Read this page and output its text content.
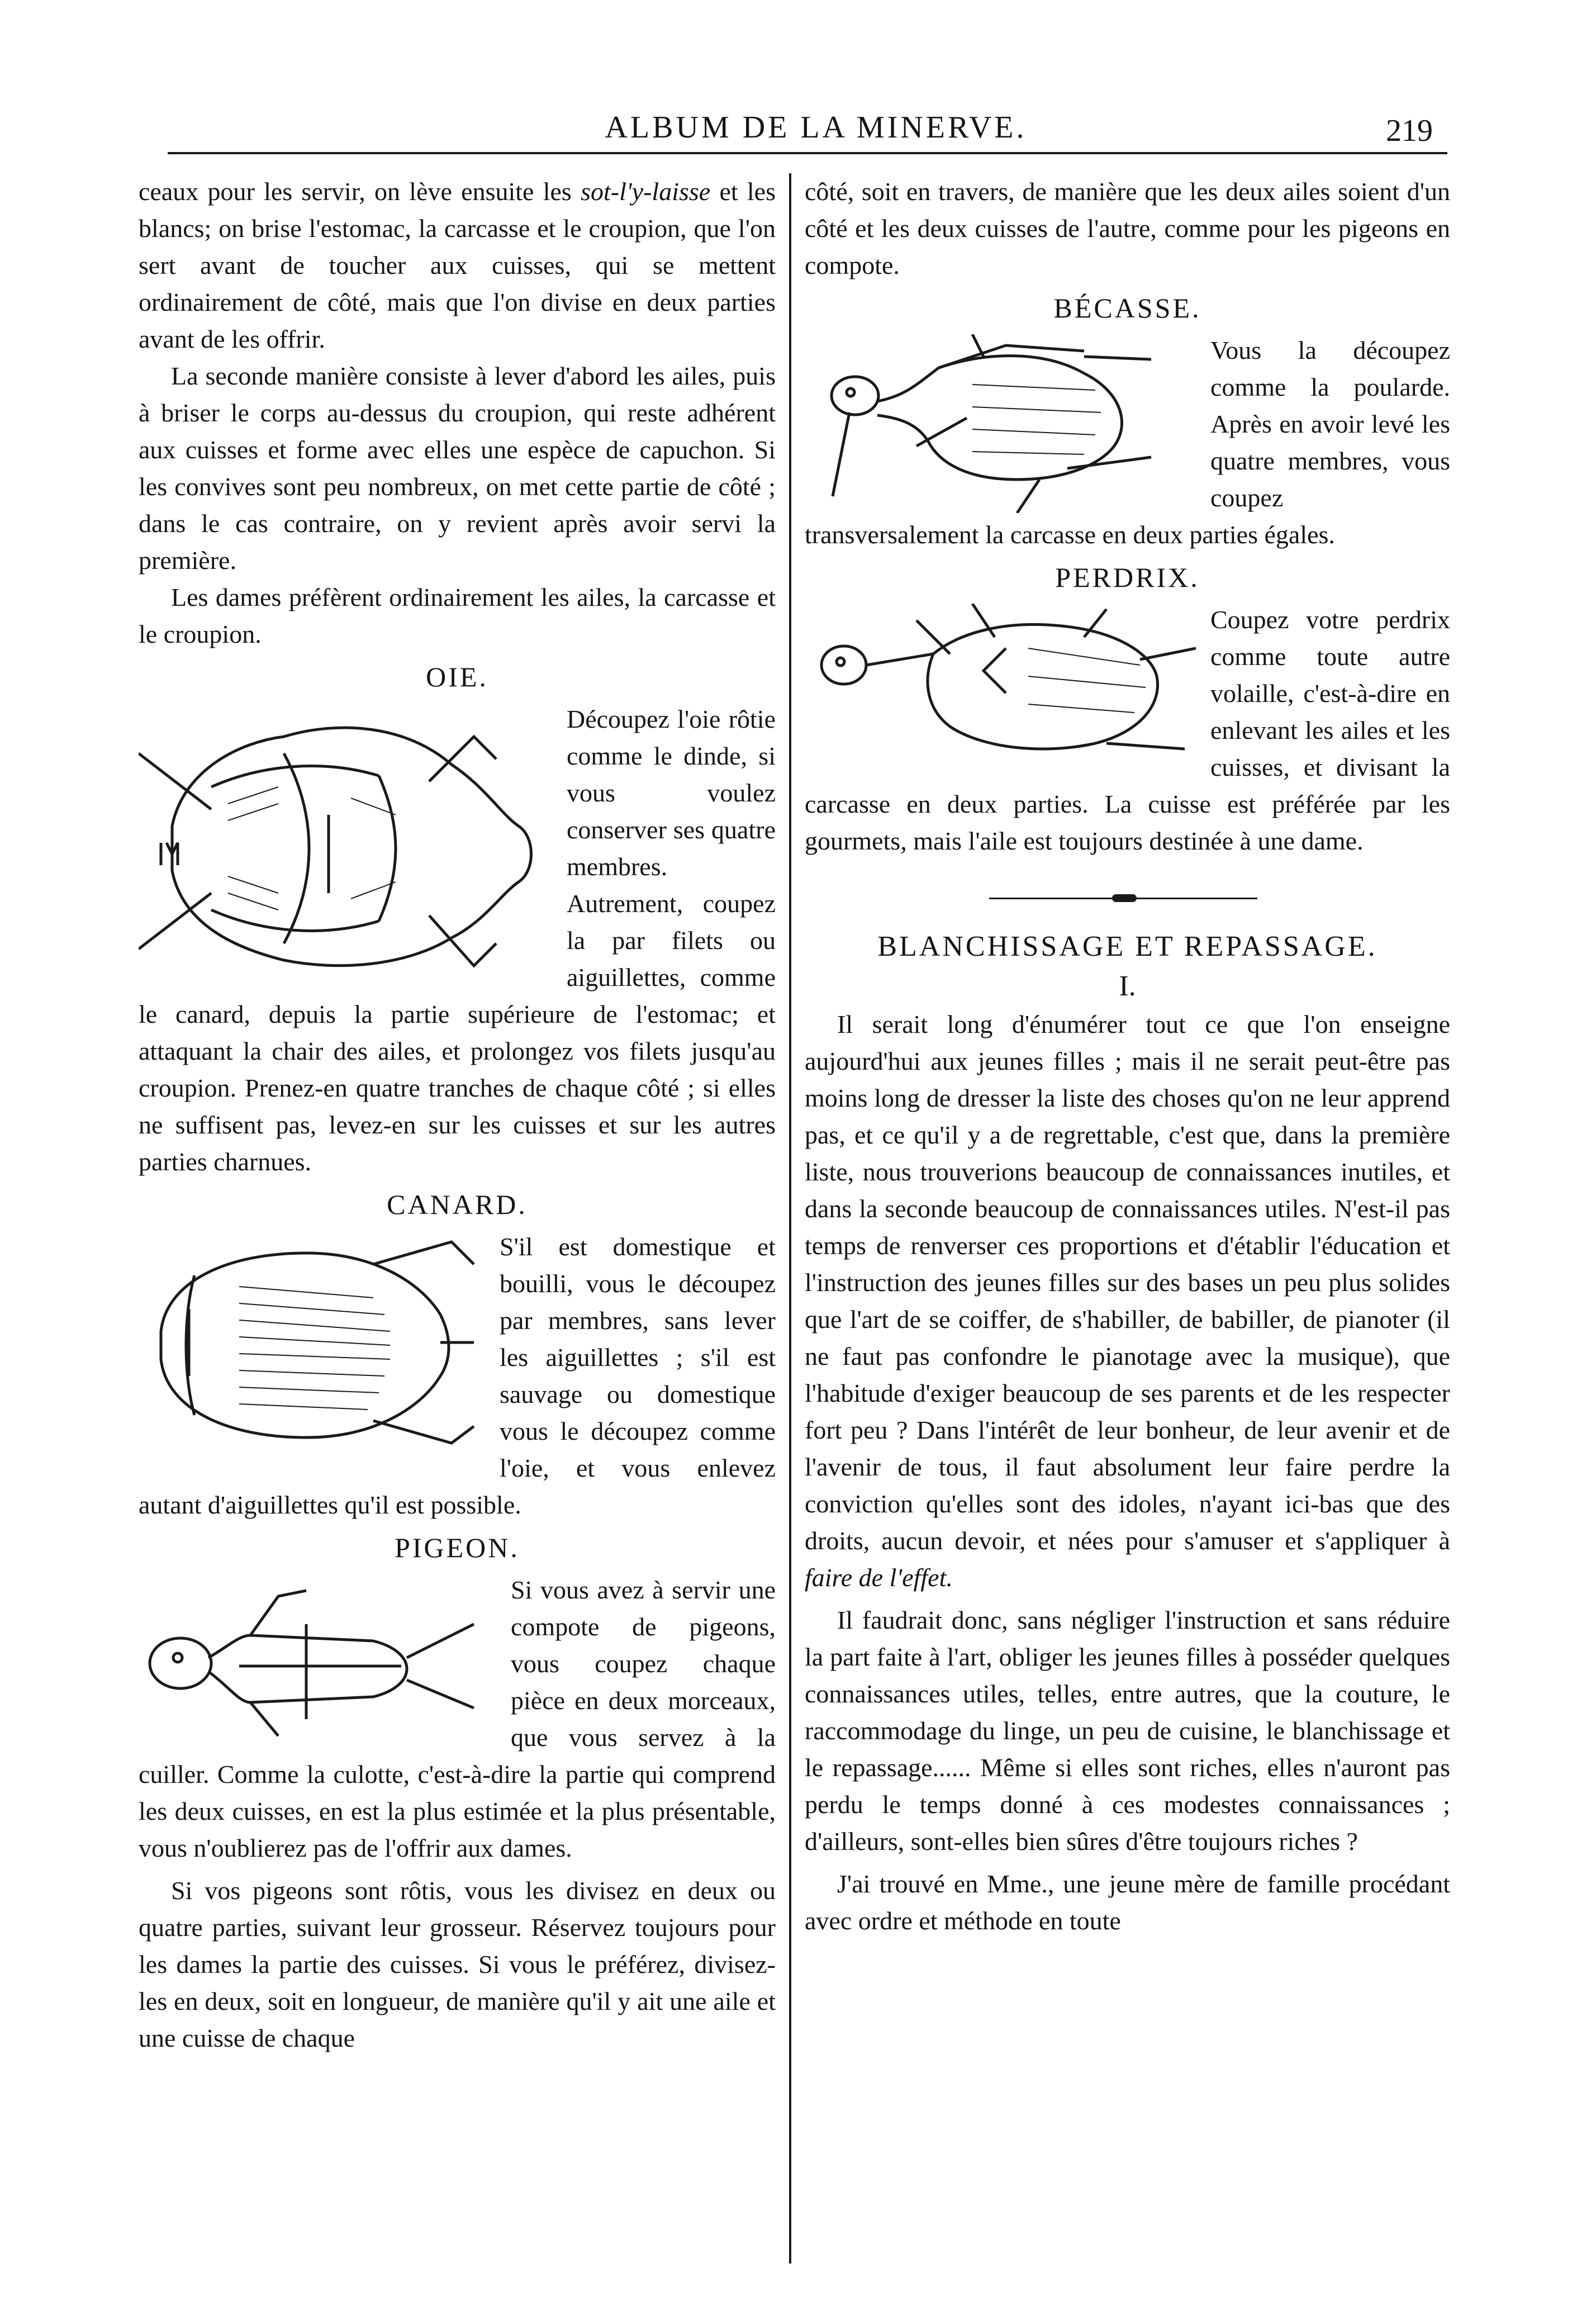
ALBUM DE LA MINERVE.	219

ceaux pour les servir, on lève ensuite les sot-l'y-laisse et les blancs; on brise l'estomac, la carcasse et le croupion, que l'on sert avant de toucher aux cuisses, qui se mettent ordinairement de côté, mais que l'on divise en deux parties avant de les offrir.

La seconde manière consiste à lever d'abord les ailes, puis à briser le corps au-dessus du croupion, qui reste adhérent aux cuisses et forme avec elles une espèce de capuchon. Si les convives sont peu nombreux, on met cette partie de côté ; dans le cas contraire, on y revient après avoir servi la première.

Les dames préfèrent ordinairement les ailes, la carcasse et le croupion.

OIE.

Découpez l'oie rôtie comme le dinde, si vous voulez conserver ses quatre membres. Autrement, coupez la par filets ou aiguillettes, comme le canard, depuis la partie supérieure de l'estomac; et attaquant la chair des ailes, et prolongez vos filets jusqu'au croupion. Prenez-en quatre tranches de chaque côté ; si elles ne suffisent pas, levez-en sur les cuisses et sur les autres parties charnues.

CANARD.

S'il est domestique et bouilli, vous le découpez par membres, sans lever les aiguillettes ; s'il est sauvage ou domestique vous le découpez comme l'oie, et vous enlevez autant d'aiguillettes qu'il est possible.

PIGEON.

Si vous avez à servir une compote de pigeons, vous coupez chaque pièce en deux morceaux, que vous servez à la cuiller. Comme la culotte, c'est-à-dire la partie qui comprend les deux cuisses, en est la plus estimée et la plus présentable, vous n'oublierez pas de l'offrir aux dames.

Si vos pigeons sont rôtis, vous les divisez en deux ou quatre parties, suivant leur grosseur. Réservez toujours pour les dames la partie des cuisses. Si vous le préférez, divisez-les en deux, soit en longueur, de manière qu'il y ait une aile et une cuisse de chaque

côté, soit en travers, de manière que les deux ailes soient d'un côté et les deux cuisses de l'autre, comme pour les pigeons en compote.

BÉCASSE.

Vous la découpez comme la poularde. Après en avoir levé les quatre membres, vous coupez transversalement la carcasse en deux parties égales.

PERDRIX.

Coupez votre perdrix comme toute autre volaille, c'est-à-dire en enlevant les ailes et les cuisses, et divisant la carcasse en deux parties. La cuisse est préférée par les gourmets, mais l'aile est toujours destinée à une dame.

BLANCHISSAGE ET REPASSAGE.
I.

Il serait long d'énumérer tout ce que l'on enseigne aujourd'hui aux jeunes filles ; mais il ne serait peut-être pas moins long de dresser la liste des choses qu'on ne leur apprend pas, et ce qu'il y a de regrettable, c'est que, dans la première liste, nous trouverions beaucoup de connaissances inutiles, et dans la seconde beaucoup de connaissances utiles. N'est-il pas temps de renverser ces proportions et d'établir l'éducation et l'instruction des jeunes filles sur des bases un peu plus solides que l'art de se coiffer, de s'habiller, de babiller, de pianoter (il ne faut pas confondre le pianotage avec la musique), que l'habitude d'exiger beaucoup de ses parents et de les respecter fort peu ? Dans l'intérêt de leur bonheur, de leur avenir et de l'avenir de tous, il faut absolument leur faire perdre la conviction qu'elles sont des idoles, n'ayant ici-bas que des droits, aucun devoir, et nées pour s'amuser et s'appliquer à faire de l'effet.

Il faudrait donc, sans négliger l'instruction et sans réduire la part faite à l'art, obliger les jeunes filles à posséder quelques connaissances utiles, telles, entre autres, que la couture, le raccommodage du linge, un peu de cuisine, le blanchissage et le repassage...... Même si elles sont riches, elles n'auront pas perdu le temps donné à ces modestes connaissances ; d'ailleurs, sont-elles bien sûres d'être toujours riches ?

J'ai trouvé en Mme., une jeune mère de famille procédant avec ordre et méthode en toute
